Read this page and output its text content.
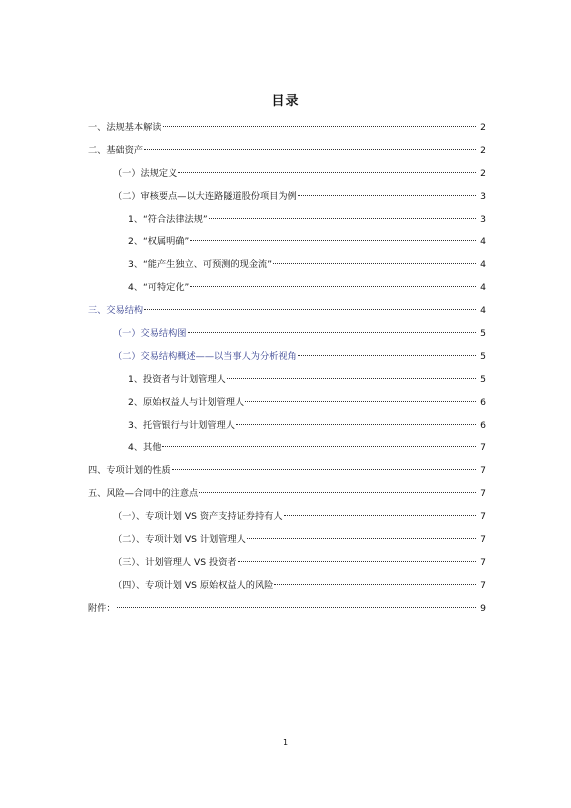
目录
一、法规基本解读	2
二、基础资产	2
（一）法规定义	2
（二）审核要点—以大连路隧道股份项目为例	3
1、“符合法律法规”	3
2、“权属明确”	4
3、“能产生独立、可预测的现金流”	4
4、“可特定化”	4
三、交易结构	4
（一）交易结构图	5
（二）交易结构概述——以当事人为分析视角	5
1、投资者与计划管理人	5
2、原始权益人与计划管理人	6
3、托管银行与计划管理人	6
4、其他	7
四、专项计划的性质	7
五、风险—合同中的注意点	7
（一）、专项计划 VS 资产支持证券持有人	7
（二）、专项计划 VS 计划管理人	7
（三）、计划管理人 VS 投资者	7
（四）、专项计划 VS 原始权益人的风险	7
附件：	9
1
